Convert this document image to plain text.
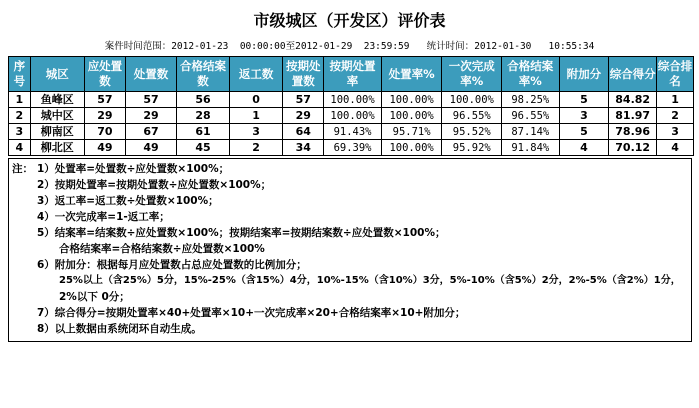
市级城区（开发区）评价表
案件时间范围：2012-01-23  00:00:00至2012-01-29  23:59:59 统计时间：2012-01-30   10:55:34
序号	城区	应处置数	处置数	合格结案数	返工数	按期处置数	按期处置率	处置率%	一次完成率%	合格结案率%	附加分	综合得分	综合排名
1	鱼峰区	57	57	56	0	57	100.00%	100.00%	100.00%	98.25%	5	84.82	1
2	城中区	29	29	28	1	29	100.00%	100.00%	96.55%	96.55%	3	81.97	2
3	柳南区	70	67	61	3	64	91.43%	95.71%	95.52%	87.14%	5	78.96	3
4	柳北区	49	49	45	2	34	69.39%	100.00%	95.92%	91.84%	4	70.12	4
注： 1）处置率=处置数÷应处置数×100%；
2）按期处置率=按期处置数÷应处置数×100%；
3）返工率=返工数÷处置数×100%；
4）一次完成率=1-返工率；
5）结案率=结案数÷应处置数×100%；按期结案率=按期结案数÷应处置数×100%；
合格结案率=合格结案数÷应处置数×100%
6）附加分：根据每月应处置数占总应处置数的比例加分；
25%以上（含25%）5分，15%-25%（含15%）4分，10%-15%（含10%）3分，5%-10%（含5%）2分，2%-5%（含2%）1分，
2%以下 0分；
7）综合得分=按期处置率×40+处置率×10+一次完成率×20+合格结案率×10+附加分；
8）以上数据由系统闭环自动生成。
